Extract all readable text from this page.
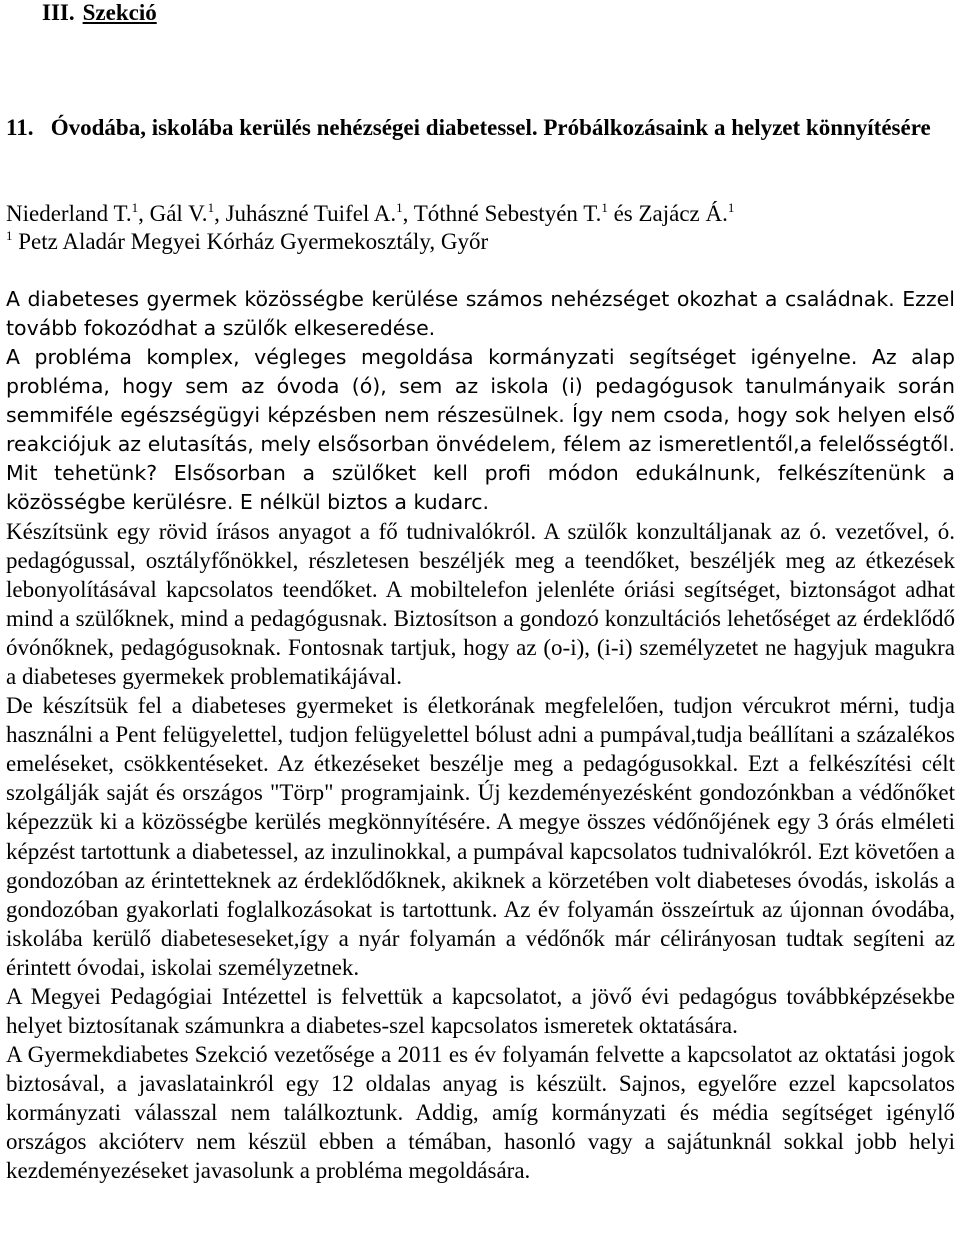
III. Szekció
11.   Óvodába, iskolába kerülés nehézségei diabetessel. Próbálkozásaink a helyzet könnyítésére
Niederland T.$^1$, Gál V.$^1$, Juhászné Tuifel A.$^1$, Tóthné Sebestyén T.$^1$ és Zajácz Á.$^1$
$^1$ Petz Aladár Megyei Kórház Gyermekosztály, Győr

A diabeteses gyermek közösségbe kerülése számos nehézséget okozhat a családnak. Ezzel tovább fokozódhat a szülők elkeseredése.

A probléma komplex, végleges megoldása kormányzati segítséget igényelne. Az alap probléma, hogy sem az óvoda (ó), sem az iskola (i) pedagógusok tanulmányaik során semmiféle egészségügyi képzésben nem részesülnek. Így nem csoda, hogy sok helyen első reakciójuk az elutasítás, mely elsősorban önvédelem, félem az ismeretlentől,a felelősségtől. Mit tehetünk? Elsősorban a szülőket kell profi módon edukálnunk, felkészítenünk a közösségbe kerülésre. E nélkül biztos a kudarc.

Készítsünk egy rövid írásos anyagot a fő tudnivalókról. A szülők konzultáljanak az ó. vezetővel, ó. pedagógussal, osztályfőnökkel, részletesen beszéljék meg a teendőket, beszéljék meg az étkezések lebonyolításával kapcsolatos teendőket. A mobiltelefon jelenléte óriási segítséget, biztonságot adhat mind a szülőknek, mind a pedagógusnak. Biztosítson a gondozó konzultációs lehetőséget az érdeklődő óvónőknek, pedagógusoknak. Fontosnak tartjuk, hogy az (o-i), (i-i) személyzetet ne hagyjuk magukra a diabeteses gyermekek problematikájával.

De készítsük fel a diabeteses gyermeket is életkorának megfelelően, tudjon vércukrot mérni, tudja használni a Pent felügyelettel, tudjon felügyelettel bólust adni a pumpával,tudja beállítani a százalékos emeléseket, csökkentéseket. Az étkezéseket beszélje meg a pedagógusokkal. Ezt a felkészítési célt szolgálják saját és országos "Törp" programjaink. Új kezdeményezésként gondozónkban a védőnőket képezzük ki a közösségbe kerülés megkönnyítésére. A megye összes védőnőjének egy 3 órás elméleti képzést tartottunk a diabetessel, az inzulinokkal, a pumpával kapcsolatos tudnivalókról. Ezt követően a gondozóban az érintetteknek az érdeklődőknek, akiknek a körzetében volt diabeteses óvodás, iskolás a gondozóban gyakorlati foglalkozásokat is tartottunk. Az év folyamán összeírtuk az újonnan óvodába, iskolába kerülő diabeteseseket,így a nyár folyamán a védőnők már célirányosan tudtak segíteni az érintett óvodai, iskolai személyzetnek.

A Megyei Pedagógiai Intézettel is felvettük a kapcsolatot, a jövő évi pedagógus továbbképzésekbe helyet biztosítanak számunkra a diabetes-szel kapcsolatos ismeretek oktatására.

A Gyermekdiabetes Szekció vezetősége a 2011 es év folyamán felvette a kapcsolatot az oktatási jogok biztosával, a javaslatainkról egy 12 oldalas anyag is készült. Sajnos, egyelőre ezzel kapcsolatos kormányzati válasszal nem találkoztunk. Addig, amíg kormányzati és média segítséget igénylő országos akcióterv nem készül ebben a témában, hasonló vagy a sajátunknál sokkal jobb helyi kezdeményezéseket javasolunk a probléma megoldására.
